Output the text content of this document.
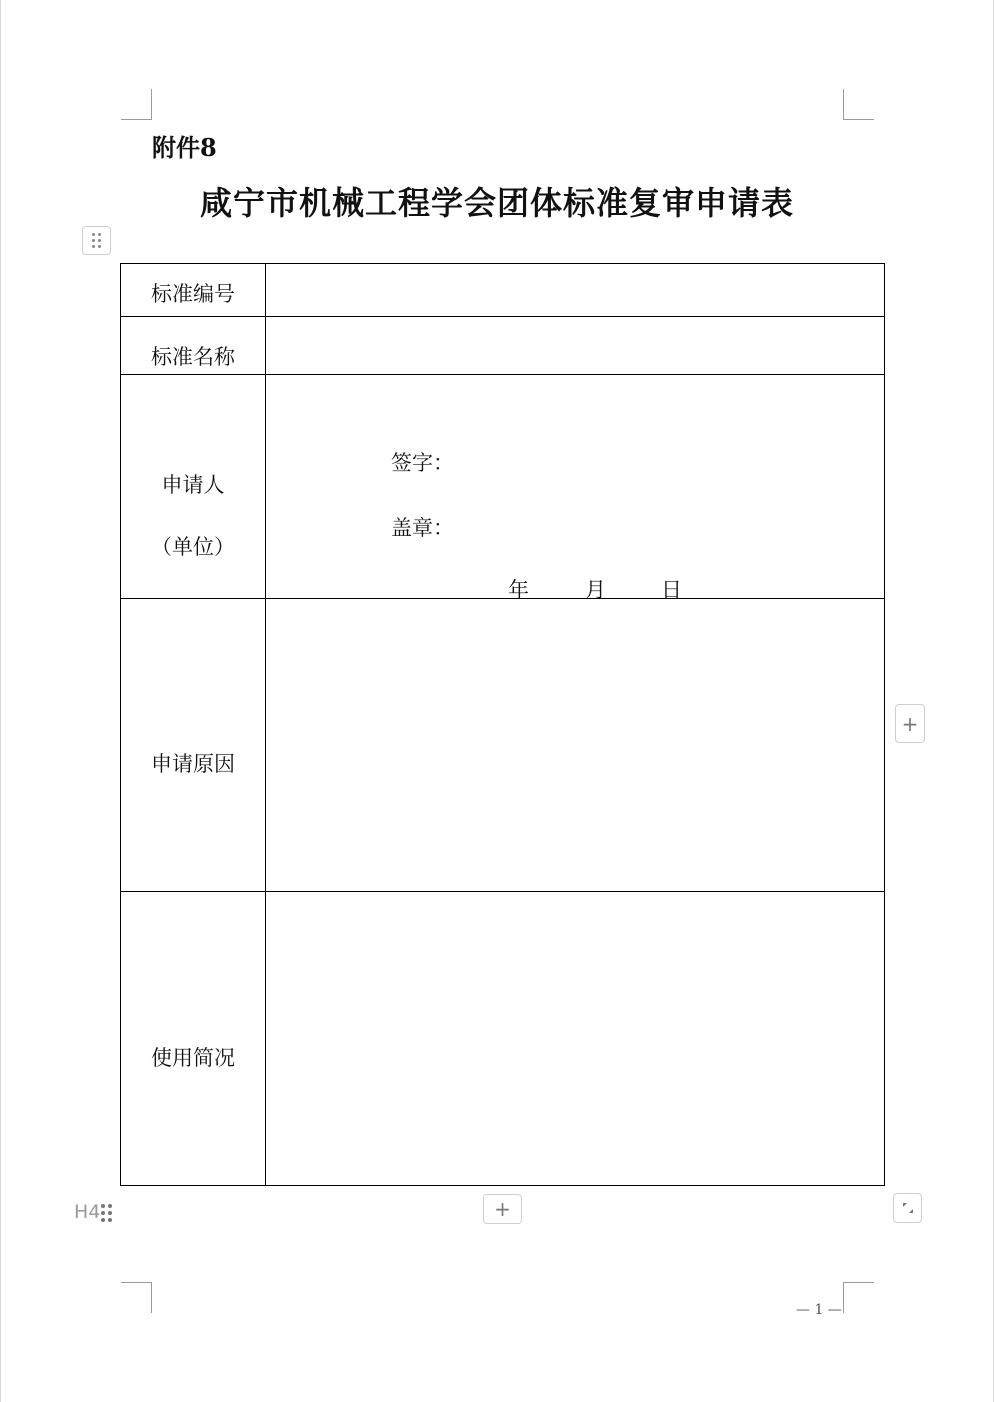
附件8
咸宁市机械工程学会团体标准复审申请表
标准编号
标准名称
申请人
（单位）
签字：
盖章：
年	月	日
申请原因
使用简况
+
+
H4
— 1 —
